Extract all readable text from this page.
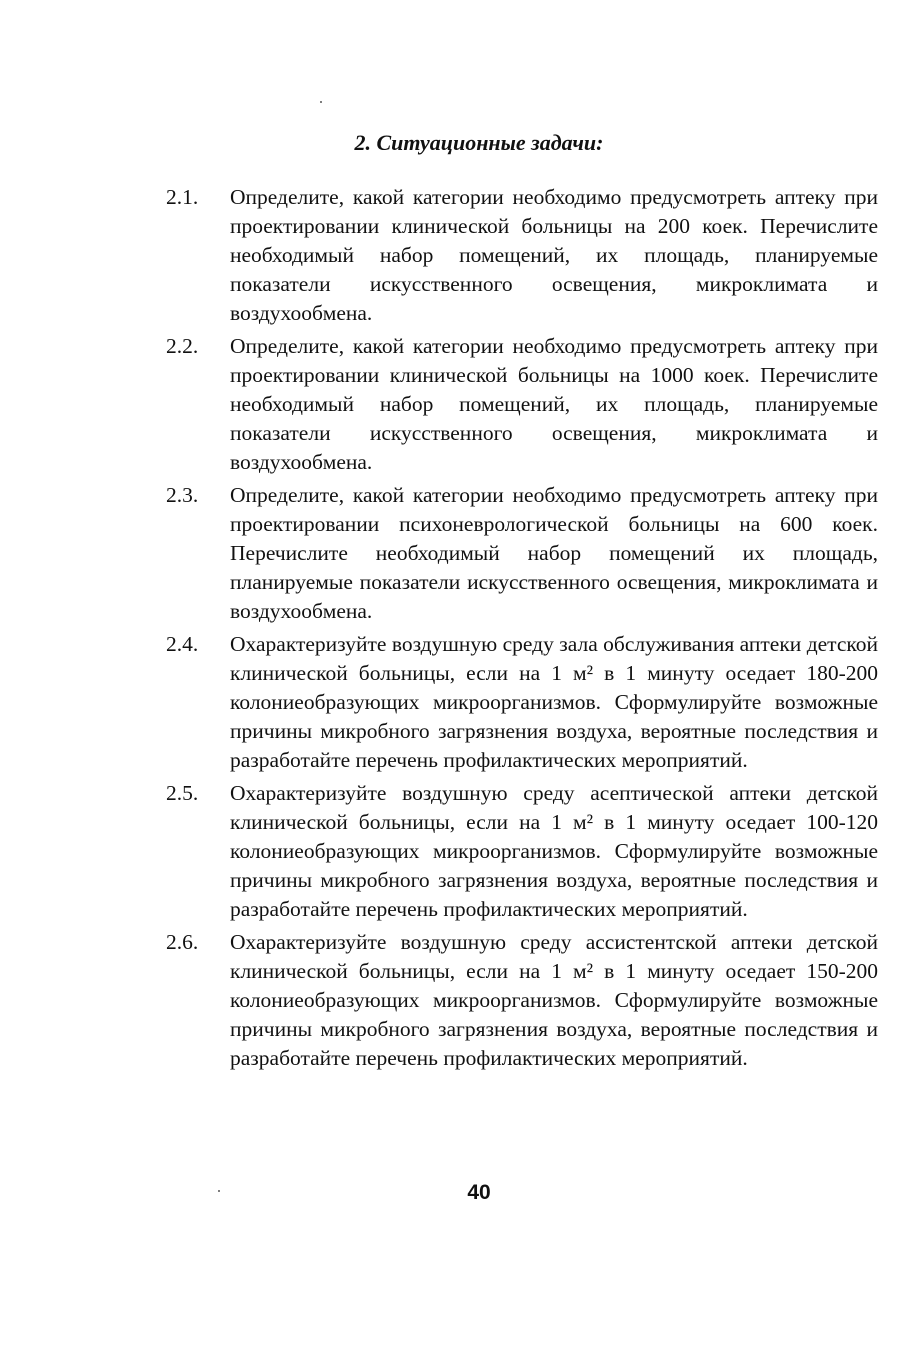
2. Ситуационные задачи:
2.1.	Определите, какой категории необходимо предусмотреть аптеку при проектировании клинической больницы на 200 коек. Перечислите необходимый набор помещений, их площадь, планируемые показатели искусственного освещения, микроклимата и воздухообмена.
2.2.	Определите, какой категории необходимо предусмотреть аптеку при проектировании клинической больницы на 1000 коек. Перечислите необходимый набор помещений, их площадь, планируемые показатели искусственного освещения, микроклимата и воздухообмена.
2.3.	Определите, какой категории необходимо предусмотреть аптеку при проектировании психоневрологической больницы на 600 коек. Перечислите необходимый набор помещений их площадь, планируемые показатели искусственного освещения, микроклимата и воздухообмена.
2.4.	Охарактеризуйте воздушную среду зала обслуживания аптеки детской клинической больницы, если на 1 м² в 1 минуту оседает 180-200 колониеобразующих микроорганизмов. Сформулируйте возможные причины микробного загрязнения воздуха, вероятные последствия и разработайте перечень профилактических мероприятий.
2.5.	Охарактеризуйте воздушную среду асептической аптеки детской клинической больницы, если на 1 м² в 1 минуту оседает 100-120 колониеобразующих микроорганизмов. Сформулируйте возможные причины микробного загрязнения воздуха, вероятные последствия и разработайте перечень профилактических мероприятий.
2.6.	Охарактеризуйте воздушную среду ассистентской аптеки детской клинической больницы, если на 1 м² в 1 минуту оседает 150-200 колониеобразующих микроорганизмов. Сформулируйте возможные причины микробного загрязнения воздуха, вероятные последствия и разработайте перечень профилактических мероприятий.
40
